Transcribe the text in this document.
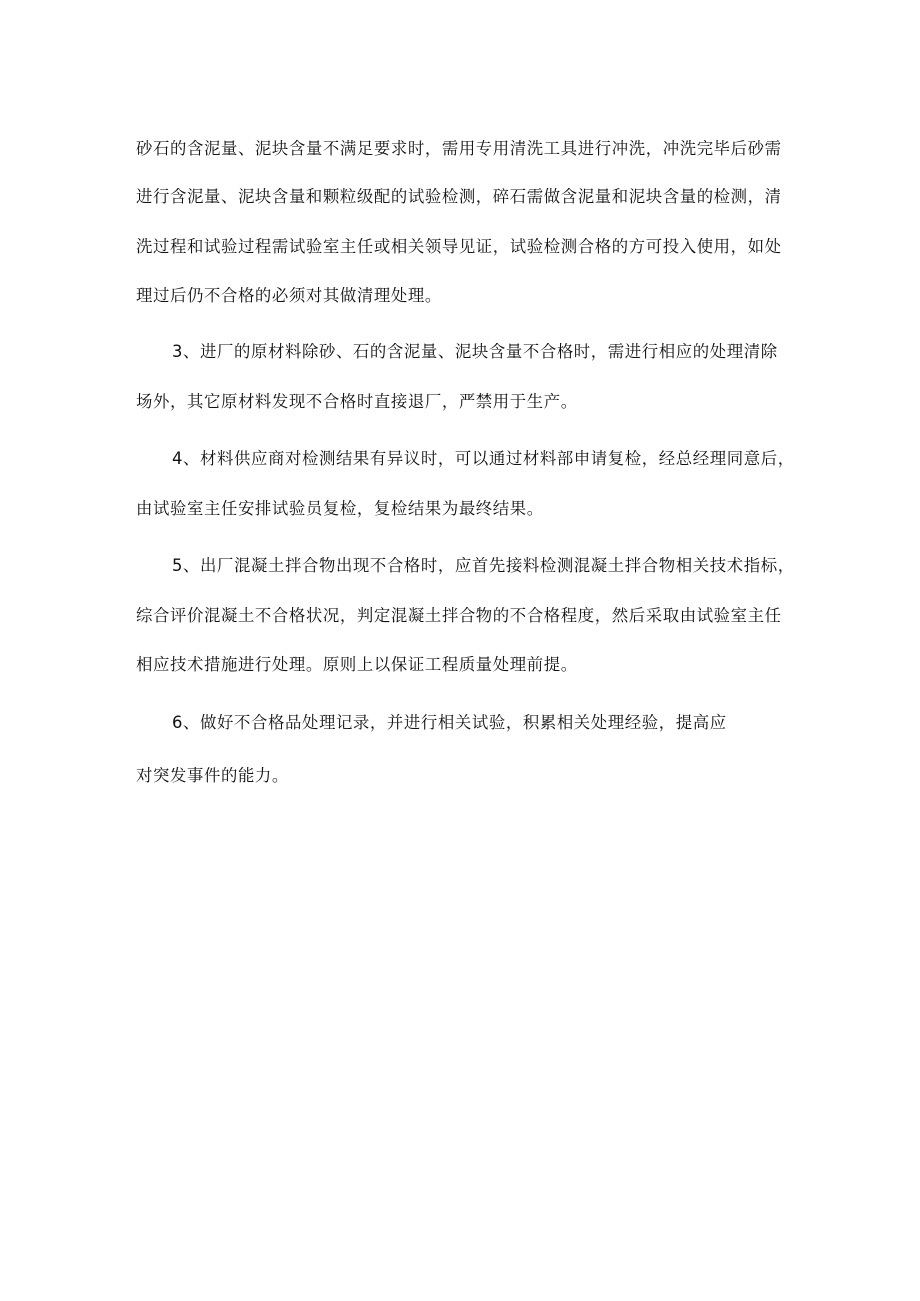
砂石的含泥量、泥块含量不满足要求时，需用专用清洗工具进行冲洗，冲洗完毕后砂需
进行含泥量、泥块含量和颗粒级配的试验检测，碎石需做含泥量和泥块含量的检测，清
洗过程和试验过程需试验室主任或相关领导见证，试验检测合格的方可投入使用，如处
理过后仍不合格的必须对其做清理处理。
3、进厂的原材料除砂、石的含泥量、泥块含量不合格时，需进行相应的处理清除
场外，其它原材料发现不合格时直接退厂，严禁用于生产。
4、材料供应商对检测结果有异议时，可以通过材料部申请复检，经总经理同意后，
由试验室主任安排试验员复检，复检结果为最终结果。
5、出厂混凝土拌合物出现不合格时，应首先接料检测混凝土拌合物相关技术指标，
综合评价混凝土不合格状况，判定混凝土拌合物的不合格程度，然后采取由试验室主任
相应技术措施进行处理。原则上以保证工程质量处理前提。
6、做好不合格品处理记录，并进行相关试验，积累相关处理经验，提高应
对突发事件的能力。
